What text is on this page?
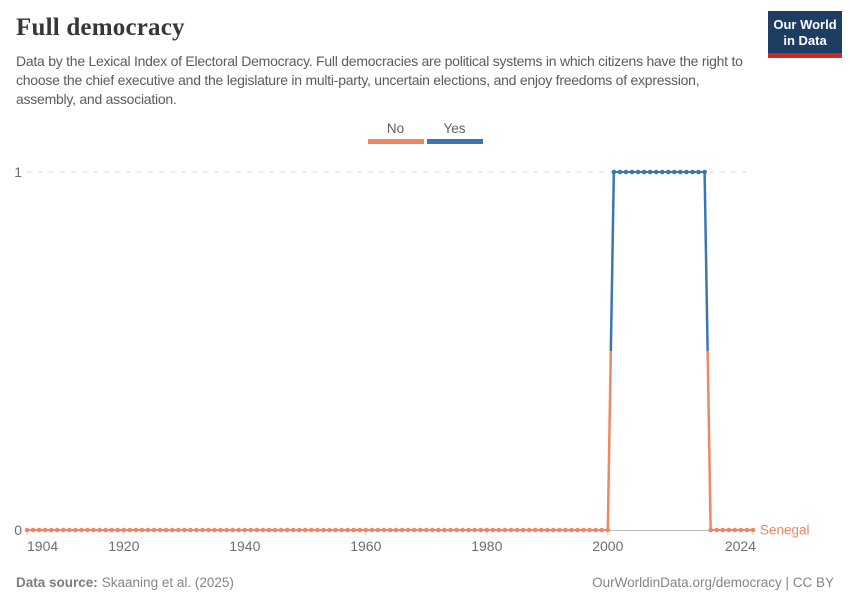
Full democracy	Our World
in Data

Data by the Lexical Index of Electoral Democracy. Full democracies are political systems in which citizens have the right to choose the chief executive and the legislature in multi-party, uncertain elections, and enjoy freedoms of expression, assembly, and association.

No	Yes
1
0
1904	1920	1940	1960	1980	2000	2024
Senegal
Data source: Skaaning et al. (2025)	OurWorldinData.org/democracy | CC BY
